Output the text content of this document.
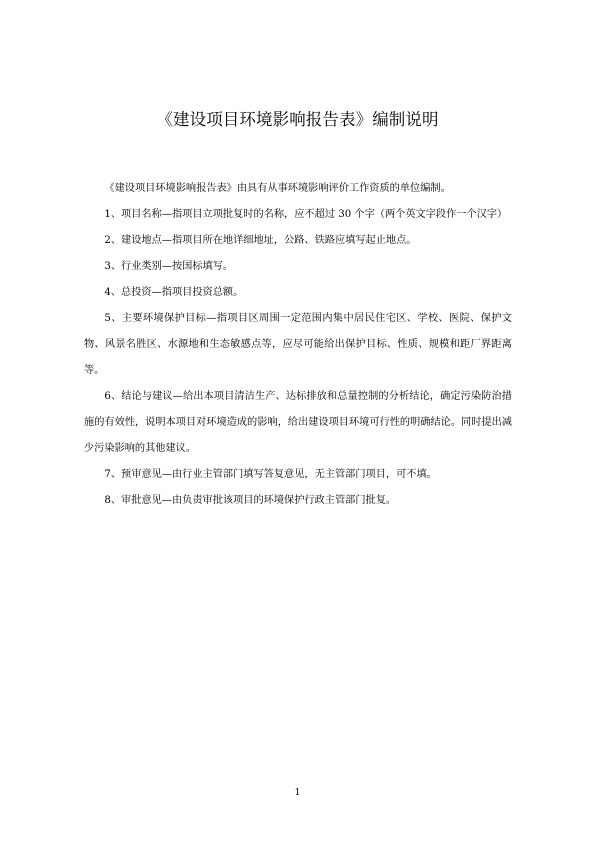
《建设项目环境影响报告表》编制说明

《建设项目环境影响报告表》由具有从事环境影响评价工作资质的单位编制。

1、项目名称—指项目立项批复时的名称，应不超过 30 个字（两个英文字段作一个汉字）

2、建设地点—指项目所在地详细地址，公路、铁路应填写起止地点。

3、行业类别—按国标填写。

4、总投资—指项目投资总额。

5、主要环境保护目标—指项目区周围一定范围内集中居民住宅区、学校、医院、保护文物、风景名胜区、水源地和生态敏感点等，应尽可能给出保护目标、性质、规模和距厂界距离等。

6、结论与建议—给出本项目清洁生产、达标排放和总量控制的分析结论，确定污染防治措施的有效性，说明本项目对环境造成的影响，给出建设项目环境可行性的明确结论。同时提出减少污染影响的其他建议。

7、预审意见—由行业主管部门填写答复意见，无主管部门项目，可不填。

8、审批意见—由负责审批该项目的环境保护行政主管部门批复。

1
